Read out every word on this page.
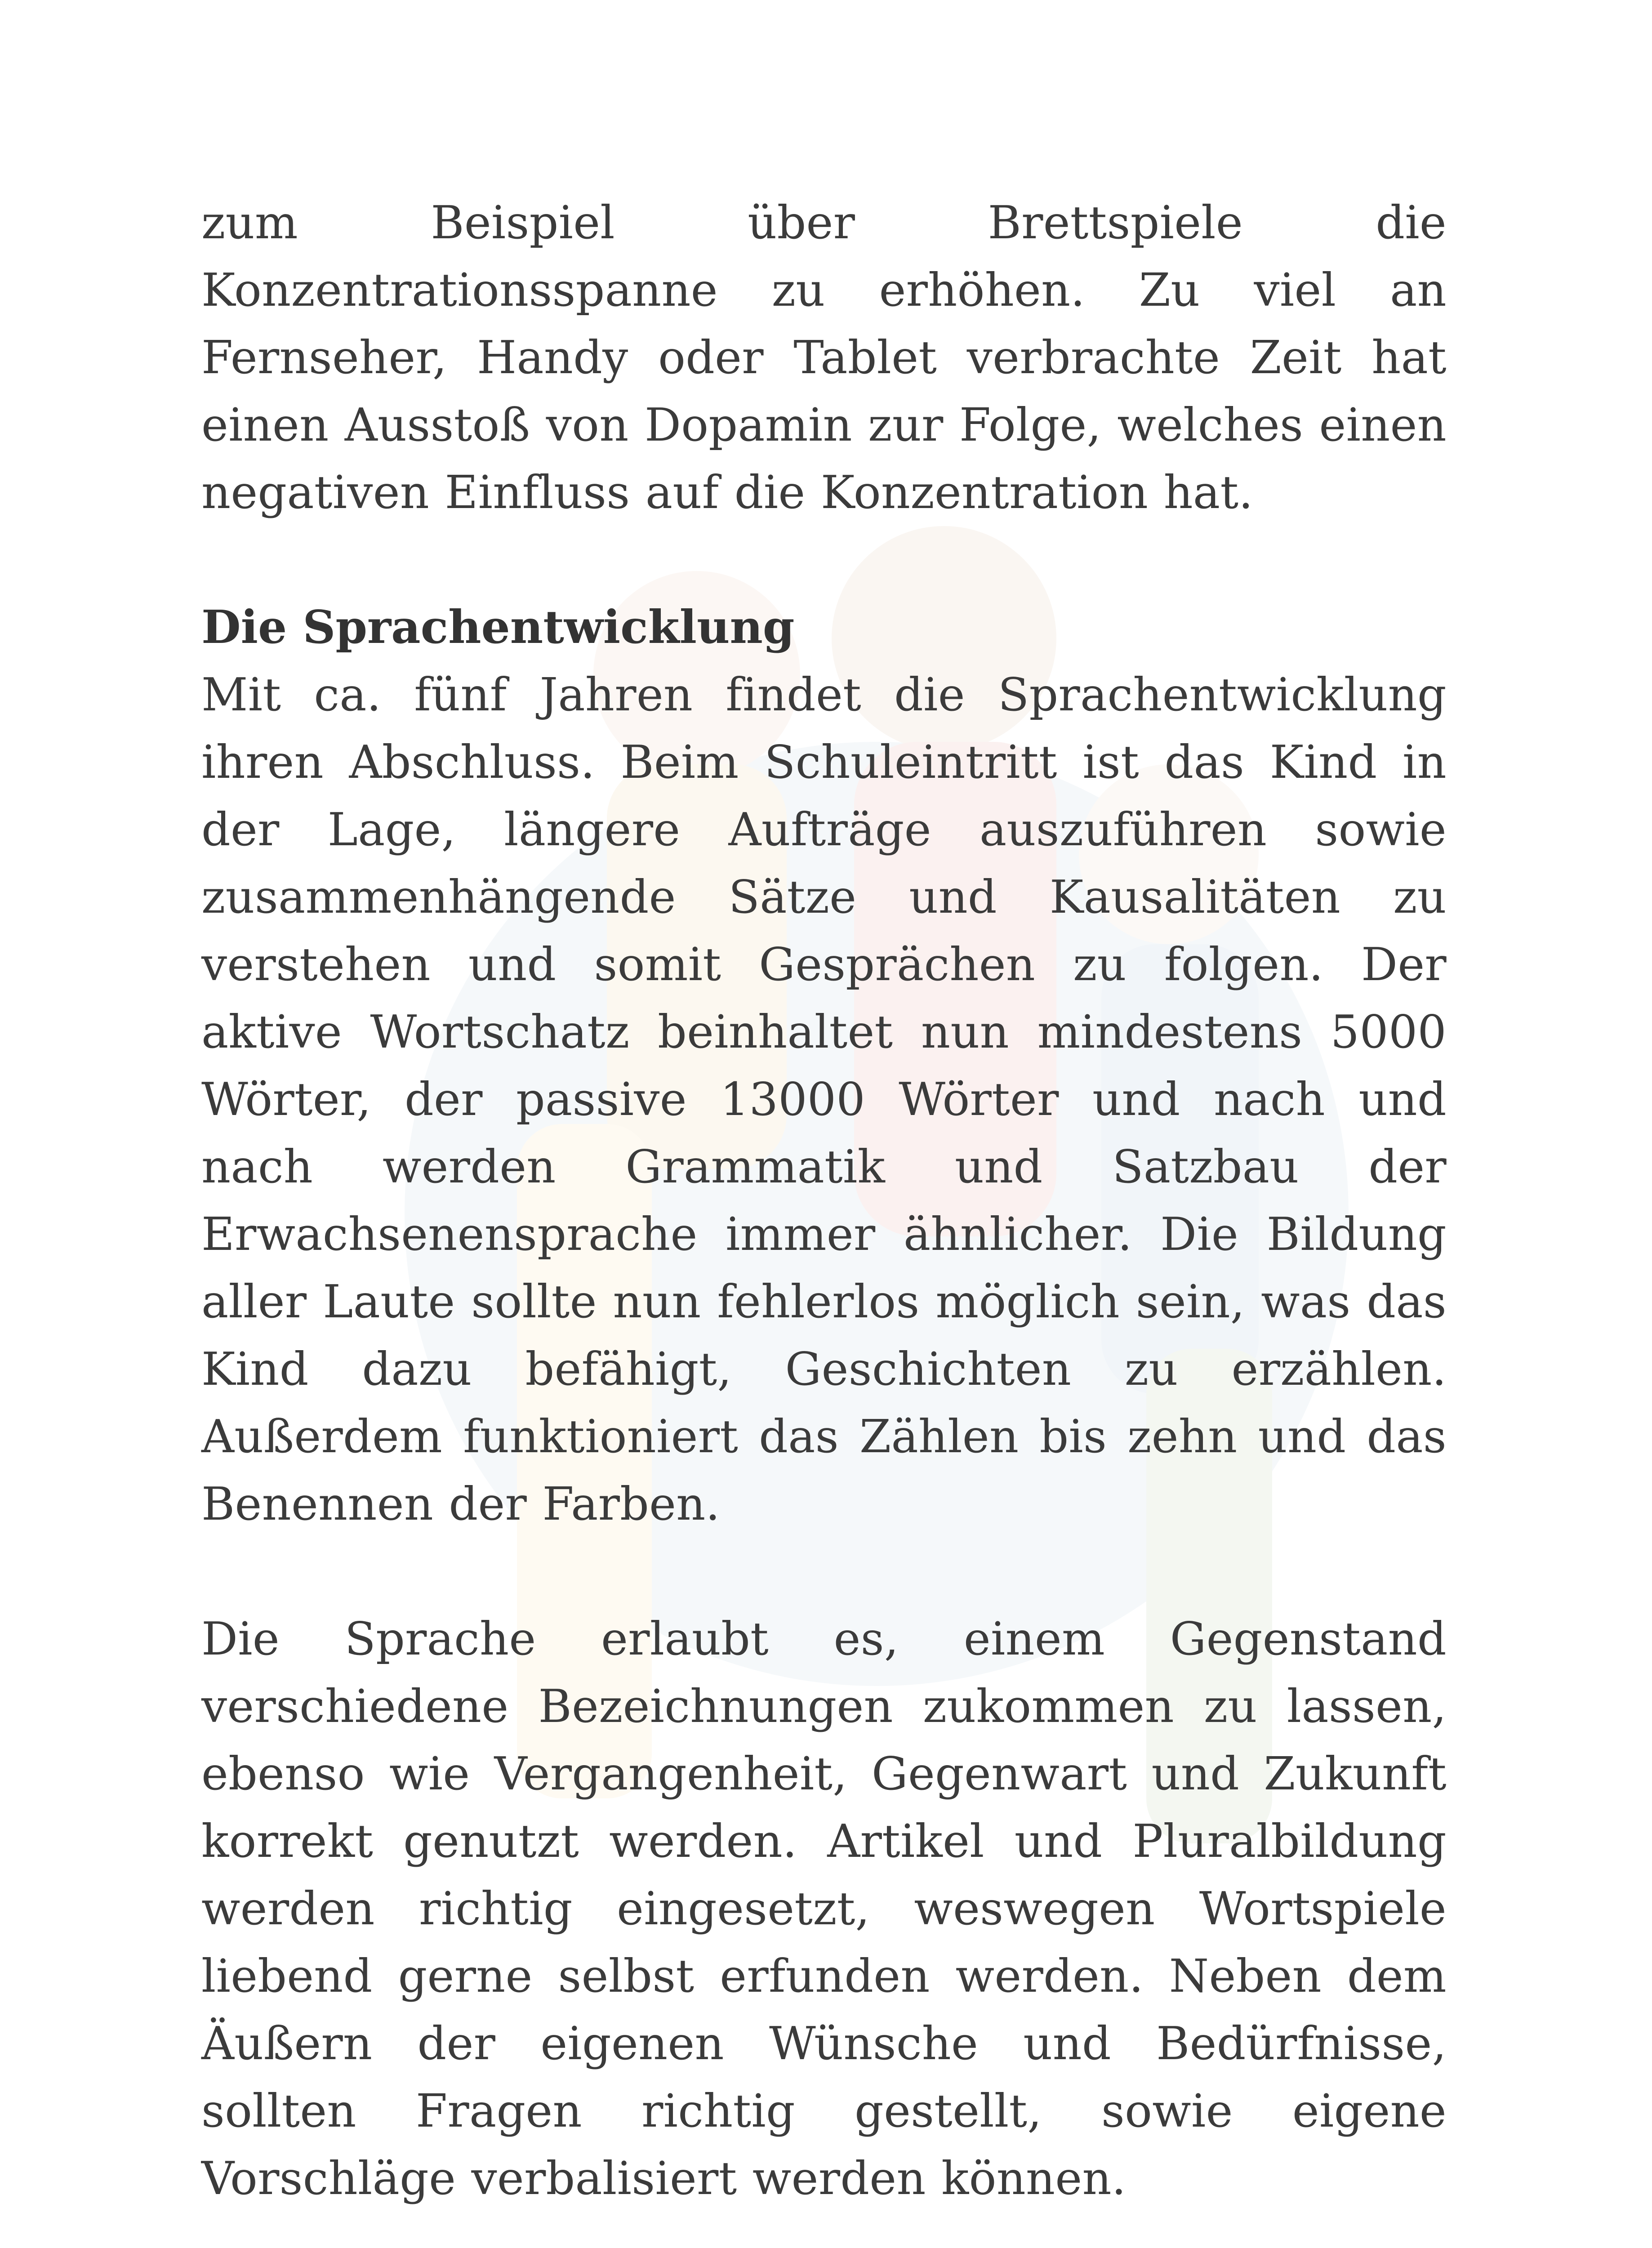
zum Beispiel über Brettspiele die Konzentrationsspanne zu erhöhen. Zu viel an Fernseher, Handy oder Tablet verbrachte Zeit hat einen Ausstoß von Dopamin zur Folge, welches einen negativen Einfluss auf die Konzentration hat.

Die Sprachentwicklung

Mit ca. fünf Jahren findet die Sprachentwicklung ihren Abschluss. Beim Schuleintritt ist das Kind in der Lage, längere Aufträge auszuführen sowie zusammenhängende Sätze und Kausalitäten zu verstehen und somit Gesprächen zu folgen. Der aktive Wortschatz beinhaltet nun mindestens 5000 Wörter, der passive 13000 Wörter und nach und nach werden Grammatik und Satzbau der Erwachsenensprache immer ähnlicher. Die Bildung aller Laute sollte nun fehlerlos möglich sein, was das Kind dazu befähigt, Geschichten zu erzählen. Außerdem funktioniert das Zählen bis zehn und das Benennen der Farben.

Die Sprache erlaubt es, einem Gegenstand verschiedene Bezeichnungen zukommen zu lassen, ebenso wie Vergangenheit, Gegenwart und Zukunft korrekt genutzt werden. Artikel und Pluralbildung werden richtig eingesetzt, weswegen Wortspiele liebend gerne selbst erfunden werden. Neben dem Äußern der eigenen Wünsche und Bedürfnisse, sollten Fragen richtig gestellt, sowie eigene Vorschläge verbalisiert werden können.
